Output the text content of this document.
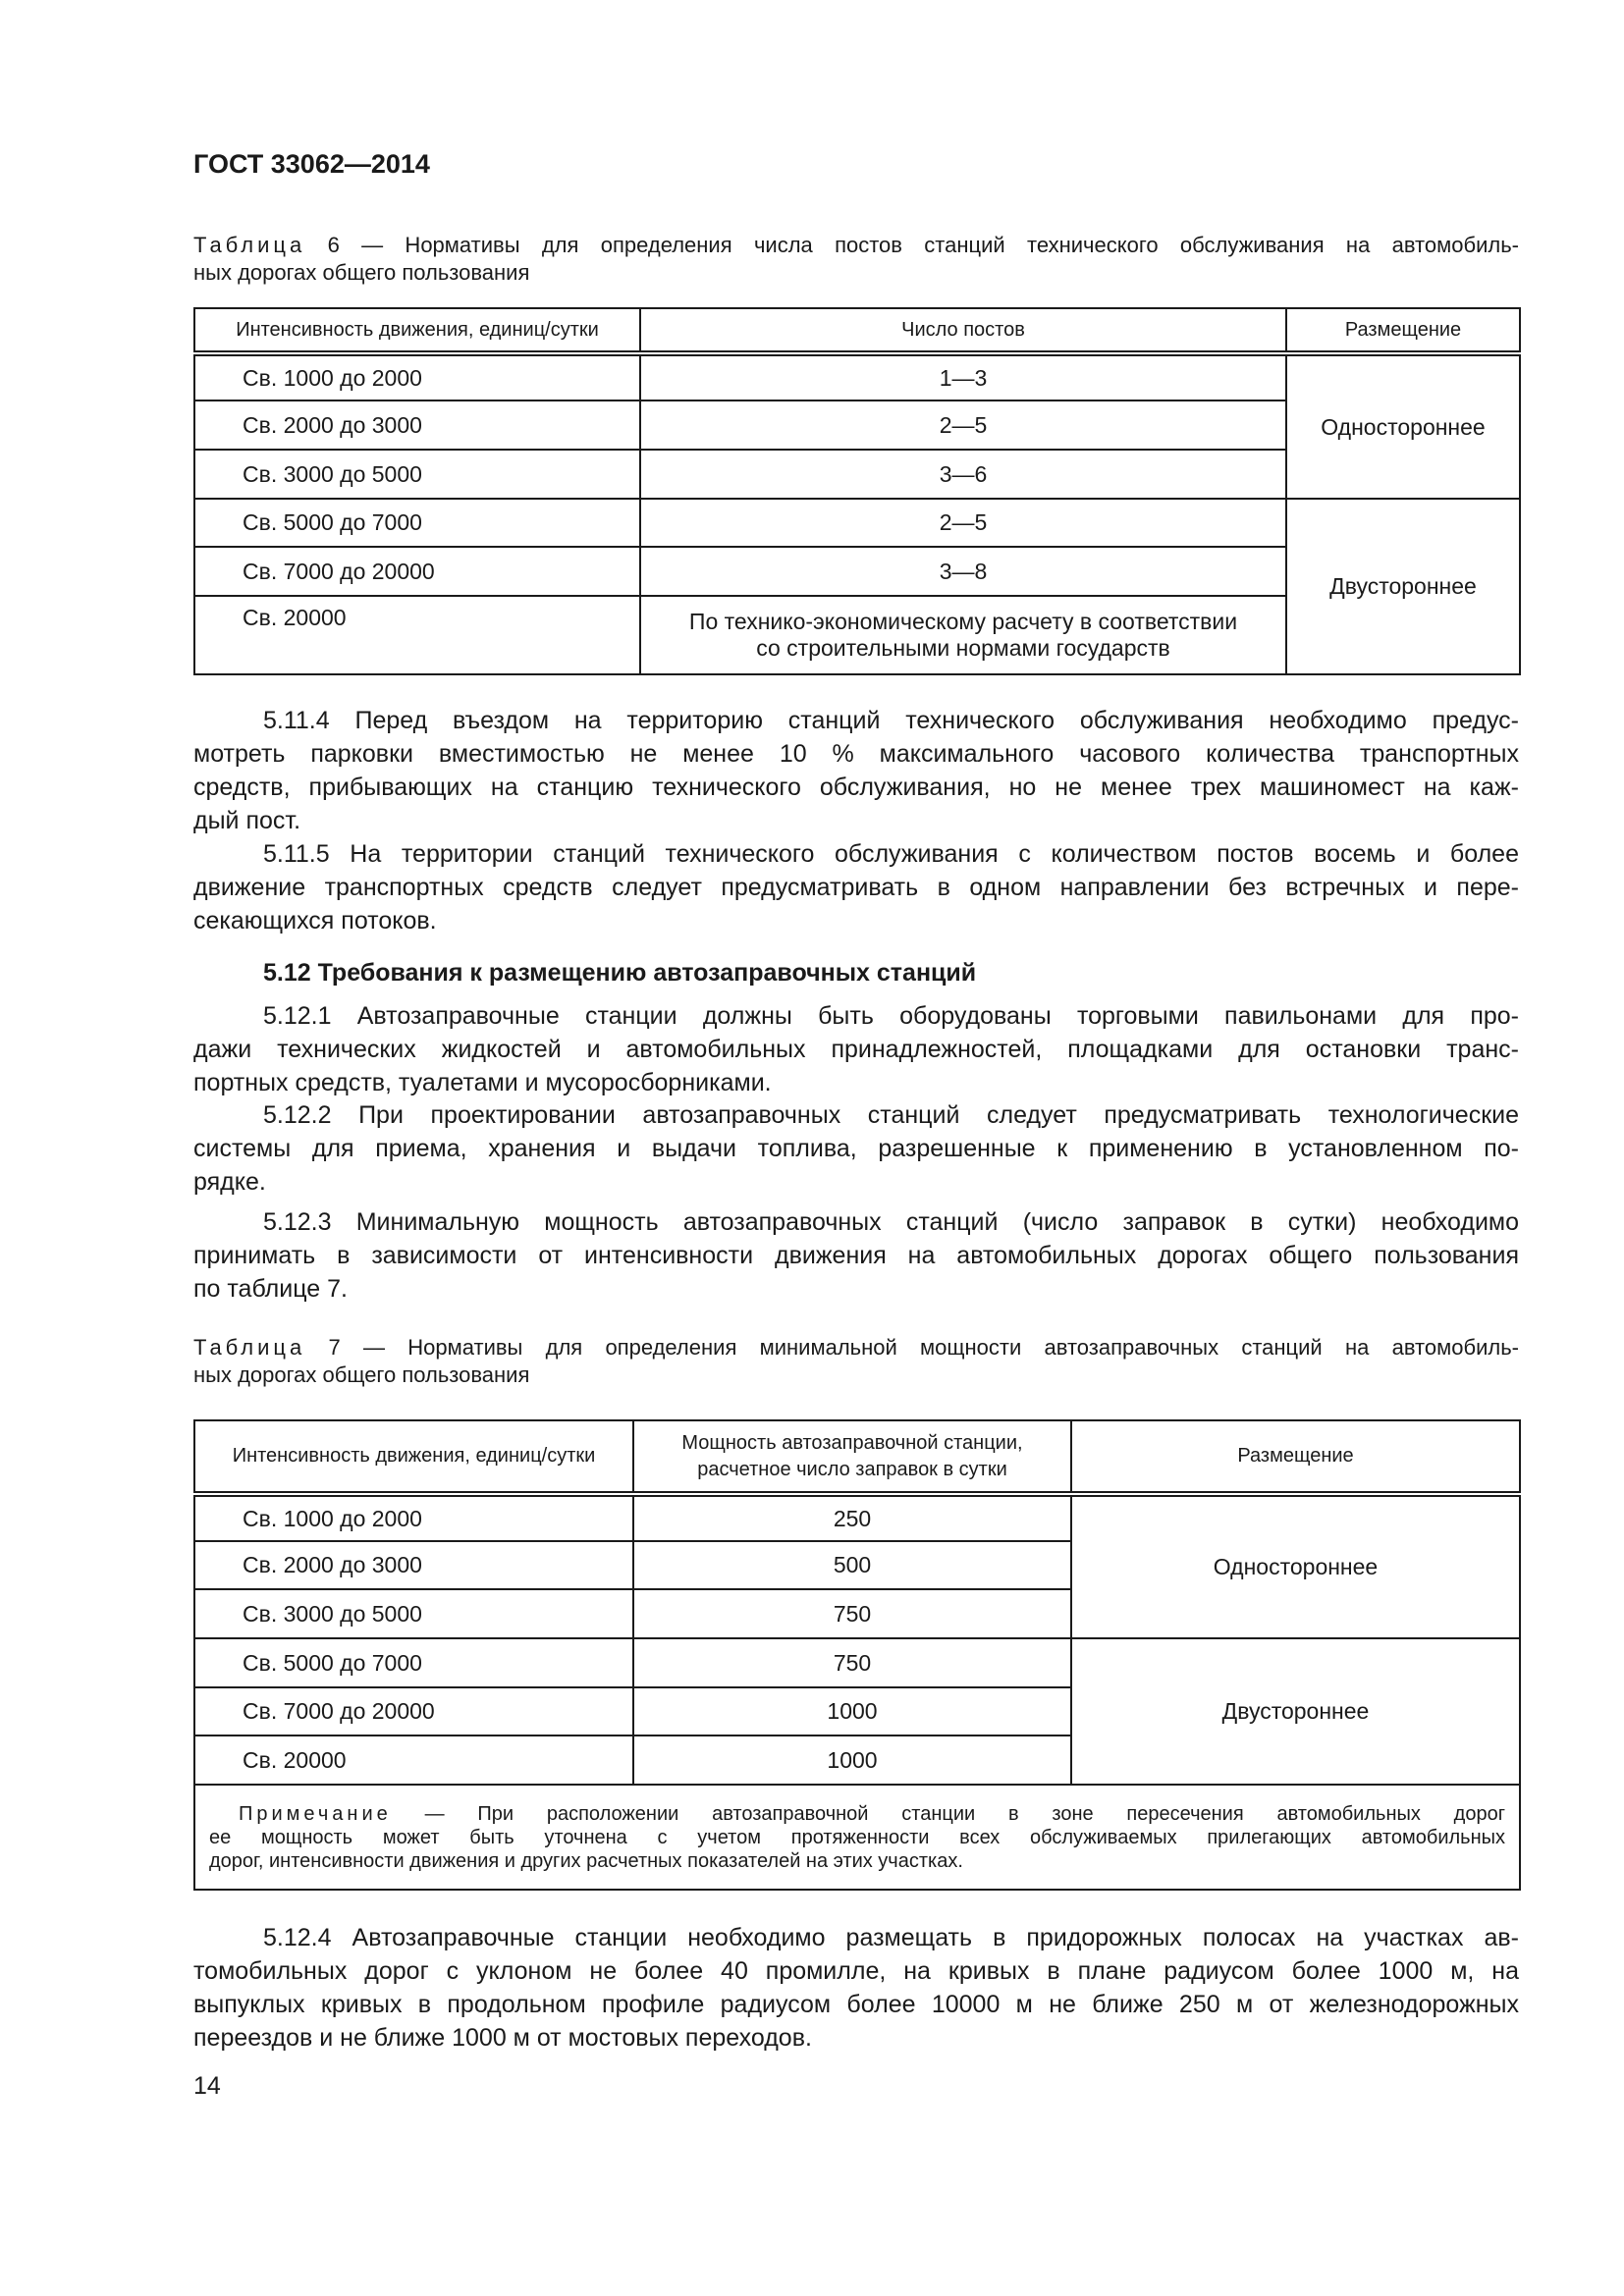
ГОСТ 33062—2014
Таблица 6 — Нормативы для определения числа постов станций технического обслуживания на автомобиль-
ных дорогах общего пользования
Интенсивность движения, единиц/сутки	Число постов	Размещение
Св. 1000 до 2000	1—3	Одностороннее
Св. 2000 до 3000	2—5	
Св. 3000 до 5000	3—6	
Св. 5000 до 7000	2—5	Двустороннее
Св. 7000 до 20000	3—8	
Св. 20000	По технико-экономическому расчету в соответствии
со строительными нормами государств	
5.11.4 Перед въездом на территорию станций технического обслуживания необходимо предус-
мотреть парковки вместимостью не менее 10 % максимального часового количества транспортных
средств, прибывающих на станцию технического обслуживания, но не менее трех машиномест на каж-
дый пост.
5.11.5 На территории станций технического обслуживания с количеством постов восемь и более
движение транспортных средств следует предусматривать в одном направлении без встречных и пере-
секающихся потоков.
5.12 Требования к размещению автозаправочных станций
5.12.1 Автозаправочные станции должны быть оборудованы торговыми павильонами для про-
дажи технических жидкостей и автомобильных принадлежностей, площадками для остановки транс-
портных средств, туалетами и мусоросборниками.
5.12.2 При проектировании автозаправочных станций следует предусматривать технологические
системы для приема, хранения и выдачи топлива, разрешенные к применению в установленном по-
рядке.
5.12.3 Минимальную мощность автозаправочных станций (число заправок в сутки) необходимо
принимать в зависимости от интенсивности движения на автомобильных дорогах общего пользования
по таблице 7.
Таблица 7 — Нормативы для определения минимальной мощности автозаправочных станций на автомобиль-
ных дорогах общего пользования
Интенсивность движения, единиц/сутки	Мощность автозаправочной станции,
расчетное число заправок в сутки	Размещение
Св. 1000 до 2000	250	Одностороннее
Св. 2000 до 3000	500	
Св. 3000 до 5000	750	
Св. 5000 до 7000	750	Двустороннее
Св. 7000 до 20000	1000	
Св. 20000	1000	

Примечание — При расположении автозаправочной станции в зоне пересечения автомобильных дорог
ее мощность может быть уточнена с учетом протяженности всех обслуживаемых прилегающих автомобильных
дорог, интенсивности движения и других расчетных показателей на этих участках.		
5.12.4 Автозаправочные станции необходимо размещать в придорожных полосах на участках ав-
томобильных дорог с уклоном не более 40 промилле, на кривых в плане радиусом более 1000 м, на
выпуклых кривых в продольном профиле радиусом более 10000 м не ближе 250 м от железнодорожных
переездов и не ближе 1000 м от мостовых переходов.
14
